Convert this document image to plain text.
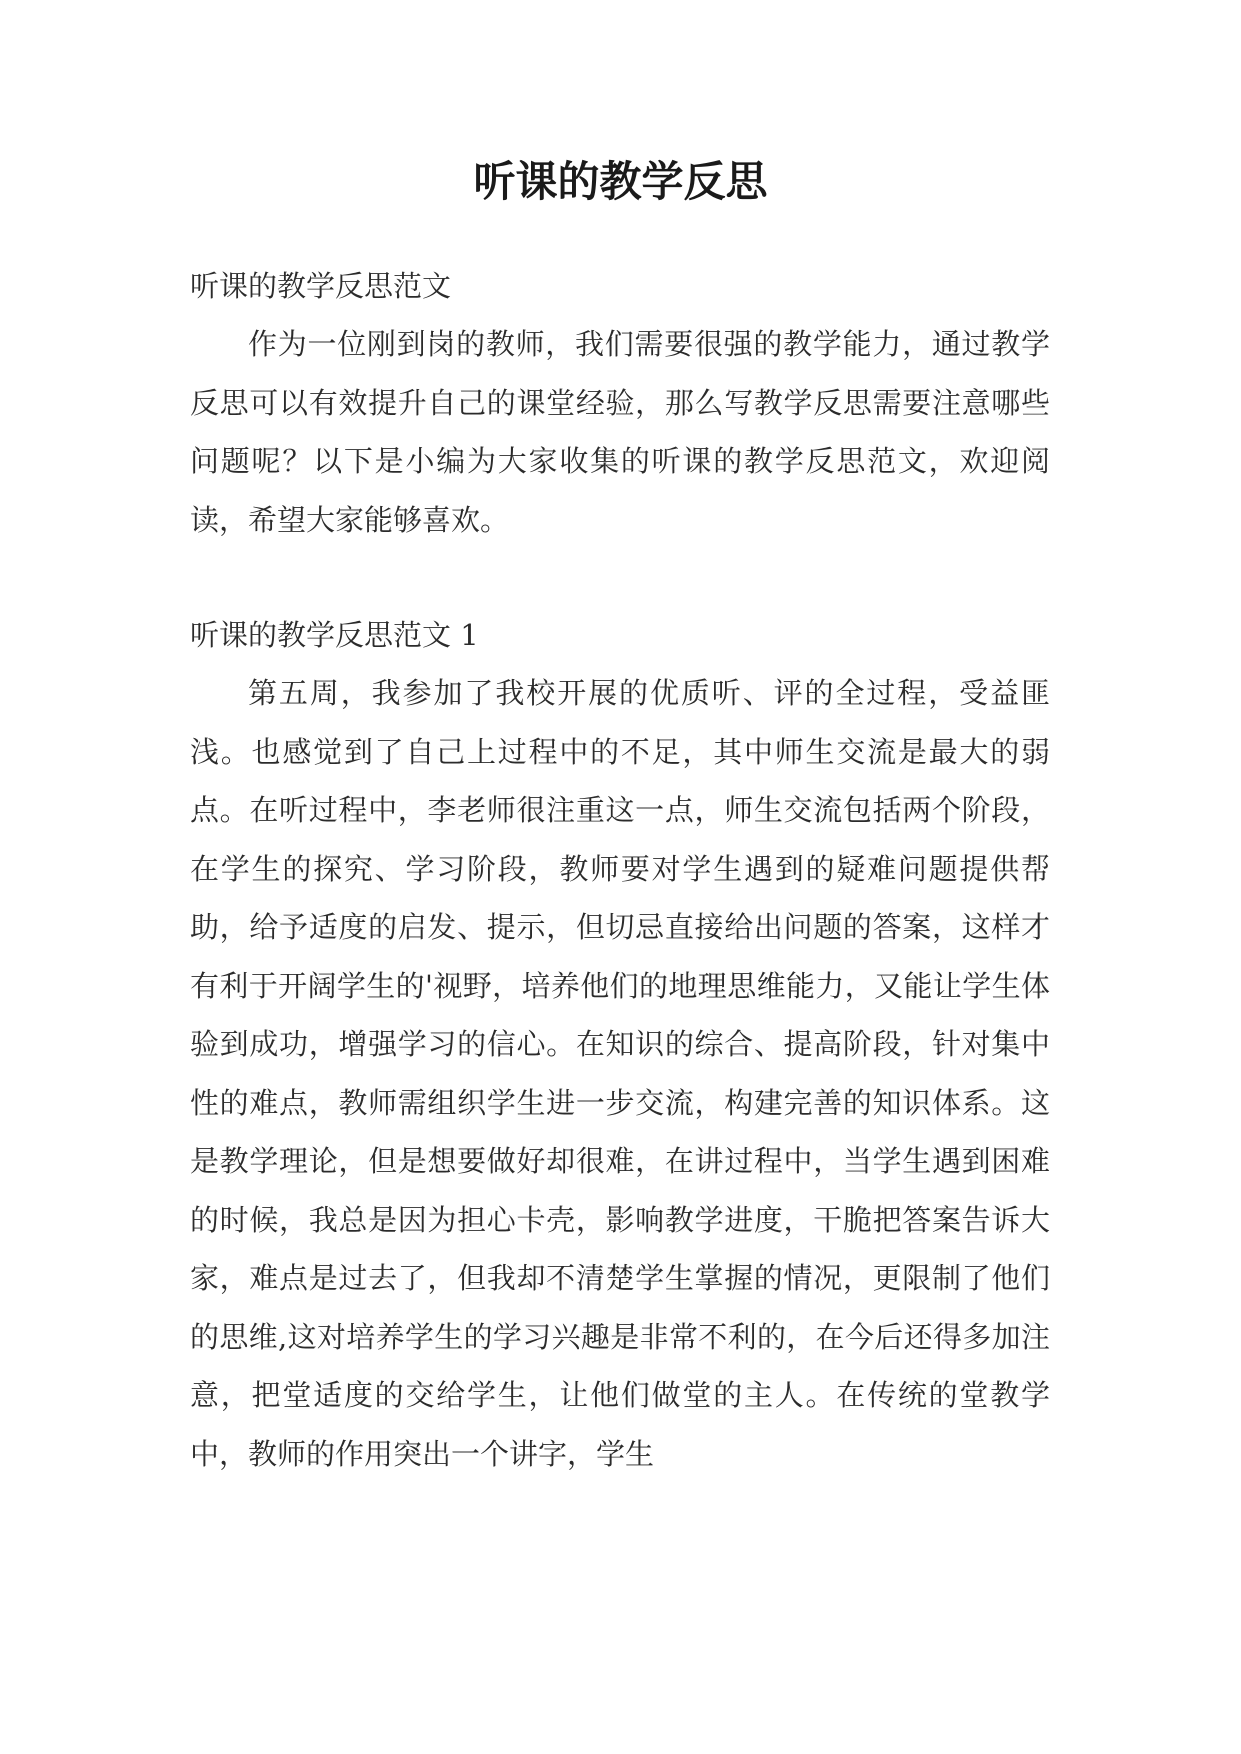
听课的教学反思
听课的教学反思范文

作为一位刚到岗的教师，我们需要很强的教学能力，通过教学反思可以有效提升自己的课堂经验，那么写教学反思需要注意哪些问题呢？以下是小编为大家收集的听课的教学反思范文，欢迎阅读，希望大家能够喜欢。

听课的教学反思范文 1

第五周，我参加了我校开展的优质听、评的全过程，受益匪浅。也感觉到了自己上过程中的不足，其中师生交流是最大的弱点。在听过程中，李老师很注重这一点，师生交流包括两个阶段，在学生的探究、学习阶段，教师要对学生遇到的疑难问题提供帮助，给予适度的启发、提示，但切忌直接给出问题的答案，这样才有利于开阔学生的'视野，培养他们的地理思维能力，又能让学生体验到成功，增强学习的信心。在知识的综合、提高阶段，针对集中性的难点，教师需组织学生进一步交流，构建完善的知识体系。这是教学理论，但是想要做好却很难，在讲过程中，当学生遇到困难的时候，我总是因为担心卡壳，影响教学进度，干脆把答案告诉大家，难点是过去了，但我却不清楚学生掌握的情况，更限制了他们的思维,这对培养学生的学习兴趣是非常不利的，在今后还得多加注意，把堂适度的交给学生，让他们做堂的主人。在传统的堂教学中，教师的作用突出一个讲字，学生
